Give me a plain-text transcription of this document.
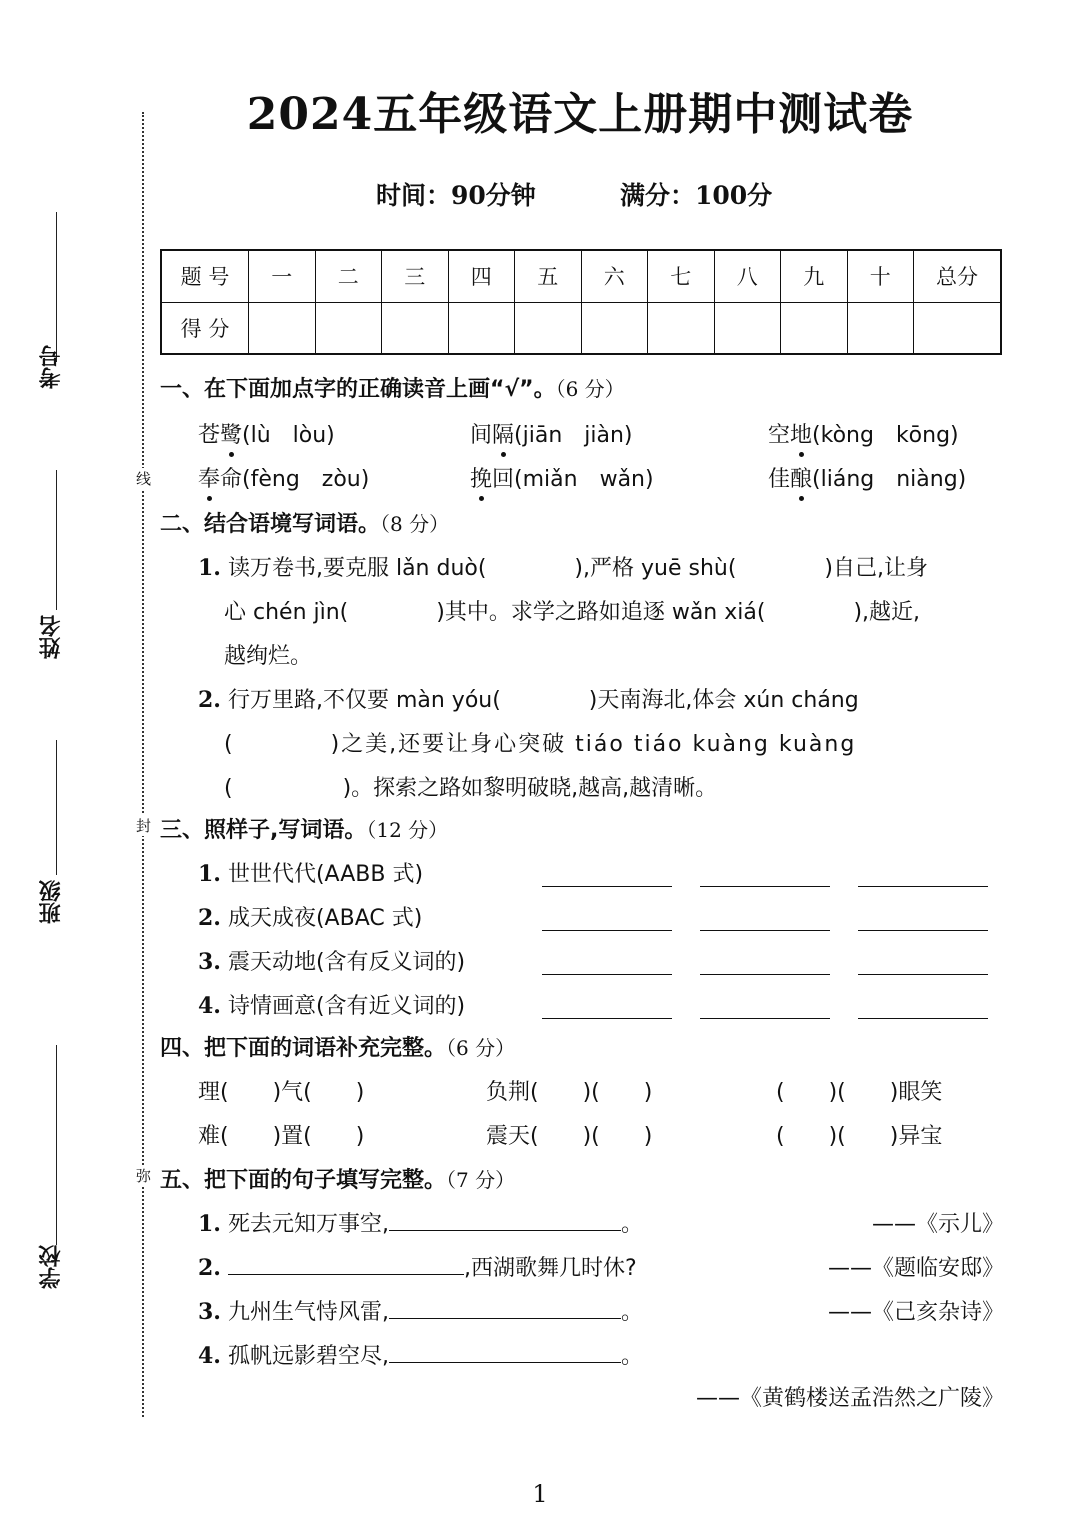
考号
姓名
班级
学校
线
封
弥
2024五年级语文上册期中测试卷
时间：90分钟	满分：100分
题 号	一	二	三	四	五	六	七	八	九	十	总分
得 分											
一、在下面加点字的正确读音上画“√”。（6 分）
苍鹭(lù　lòu)	间隔(jiān　jiàn)	空地(kòng　kōng)
奉命(fèng　zòu)	挽回(miǎn　wǎn)	佳酿(liáng　niàng)
二、结合语境写词语。（8 分）
1. 读万卷书,要克服 lǎn duò(　　　　),严格 yuē shù(　　　　)自己,让身
心 chén jìn(　　　　)其中。求学之路如追逐 wǎn xiá(　　　　),越近,
越绚烂。
2. 行万里路,不仅要 màn yóu(　　　　)天南海北,体会 xún cháng
(　　　　)之美,还要让身心突破 tiáo tiáo kuàng kuàng
(　　　　　)。探索之路如黎明破晓,越高,越清晰。
三、照样子,写词语。（12 分）
1. 世世代代(AABB 式)
2. 成天成夜(ABAC 式)
3. 震天动地(含有反义词的)
4. 诗情画意(含有近义词的)
四、把下面的词语补充完整。（6 分）
理(　　)气(　　)	负荆(　　)(　　)	(　　)(　　)眼笑
难(　　)置(　　)	震天(　　)(　　)	(　　)(　　)异宝
五、把下面的句子填写完整。（7 分）
1. 死去元知万事空,	。	——《示儿》
2.	,西湖歌舞几时休?	——《题临安邸》
3. 九州生气恃风雷,	。	——《己亥杂诗》
4. 孤帆远影碧空尽,	。
——《黄鹤楼送孟浩然之广陵》
1
